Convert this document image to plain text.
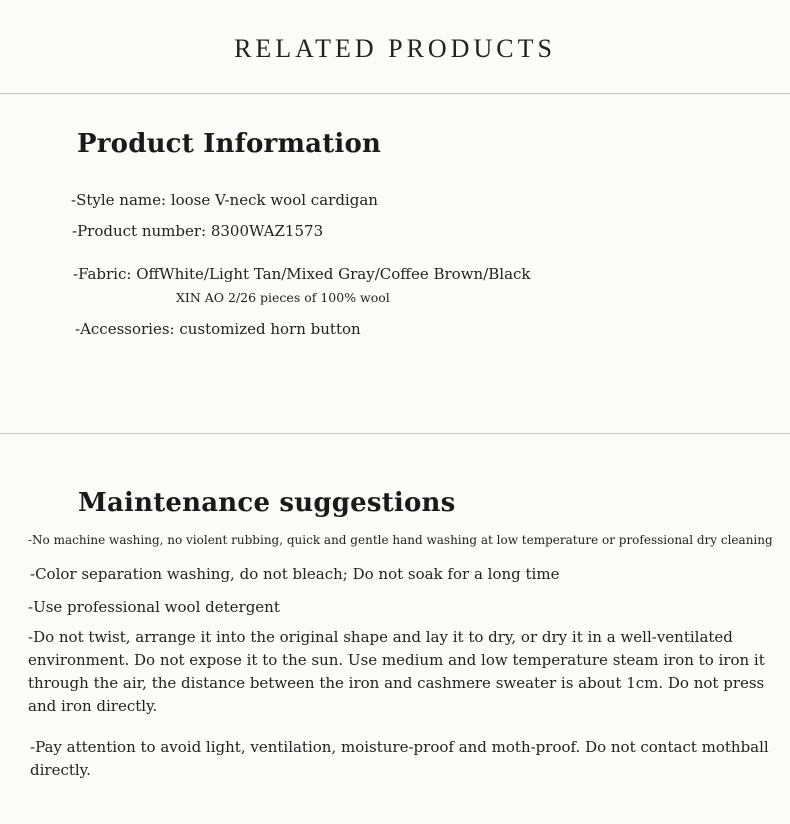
RELATED PRODUCTS
Product Information
-Style name: loose V-neck wool cardigan
-Product number: 8300WAZ1573
-Fabric: OffWhite/Light Tan/Mixed Gray/Coffee Brown/Black
XIN AO 2/26 pieces of 100% wool
-Accessories: customized horn button
Maintenance suggestions
-No machine washing, no violent rubbing, quick and gentle hand washing at low temperature or professional dry cleaning
-Color separation washing, do not bleach; Do not soak for a long time
-Use professional wool detergent
-Do not twist, arrange it into the original shape and lay it to dry, or dry it in a well-ventilated environment. Do not expose it to the sun. Use medium and low temperature steam iron to iron it through the air, the distance between the iron and cashmere sweater is about 1cm. Do not press and iron directly.
-Pay attention to avoid light, ventilation, moisture-proof and moth-proof. Do not contact mothball directly.
